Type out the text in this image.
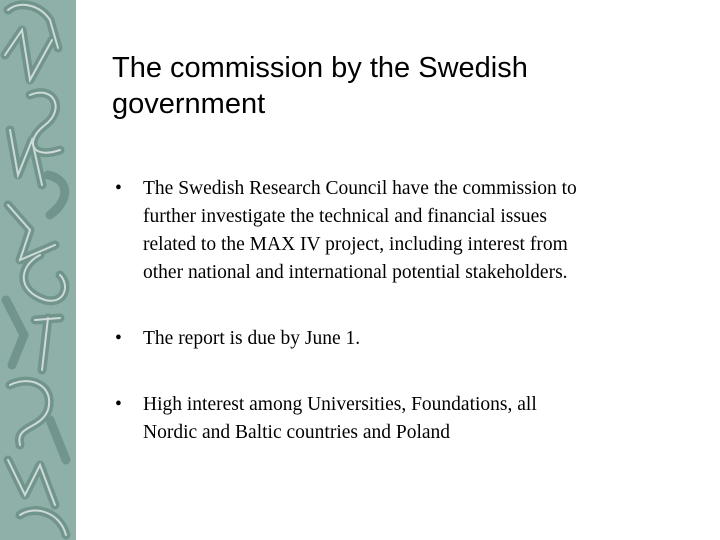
The commission by the Swedish
government
• The Swedish Research Council have the commission to
further investigate the technical and financial issues
related to the MAX IV project, including interest from
other national and international potential stakeholders.
• The report is due by June 1.
• High interest among Universities, Foundations, all
Nordic and Baltic countries and Poland
